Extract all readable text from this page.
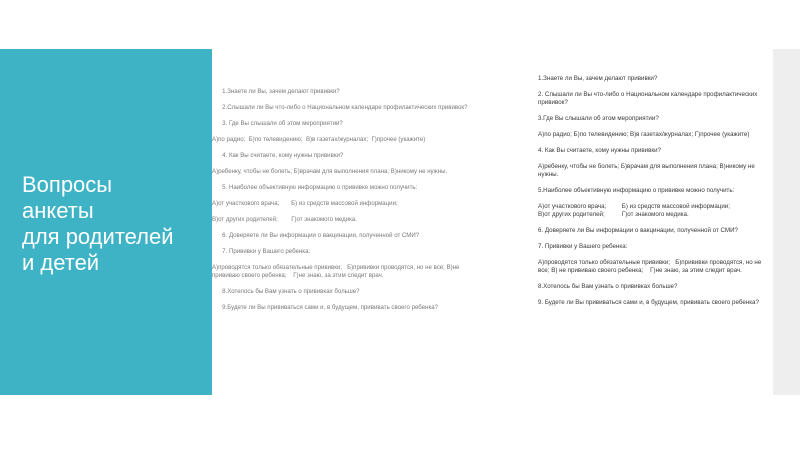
Вопросы
анкеты
для родителей
и детей

1.Знаете ли Вы, зачем делают прививки?

2.Слышали ли Вы что-либо о Национальном календаре профилактических прививок?

3. Где Вы слышали об этом мероприятии?

А)по радио;  Б)по телевидению;  В)в газетах/журналах;  Г)прочее (укажите)

4. Как Вы считаете, кому нужны прививки?

А)ребенку, чтобы не болеть; Б)врачам для выполнения плана; В)никому не нужны.

5. Наиболее объективную информацию о прививке можно получить:

А)от участкового врача;       Б) из средств массовой информации;

В)от других родителей;        Г)от знакомого медика.

6. Доверяете ли Вы информации о вакцинации, полученной от СМИ?

7. Прививки у Вашего ребенка:

А)проводятся только обязательные прививки;   Б)прививки проводятся, но не все; В)не

прививаю своего ребенка;    Г)не знаю, за этим следит врач.

8.Хотелось бы Вам узнать о прививках больше?

9.Будете ли Вы прививаться сами и, в будущем, прививать своего ребенка?

1.Знаете ли Вы, зачем делают прививки?

2. Слышали ли Вы что-либо о Национальном календаре профилактических

прививок?

3.Где Вы слышали об этом мероприятии?

А)по радио; Б)по телевидению; В)в газетах/журналах; Г)прочее (укажите)

4. Как Вы считаете, кому нужны прививки?

А)ребенку, чтобы не болеть; Б)врачам для выполнения плана; В)никому не

нужны.

5.Наиболее объективную информацию о прививке можно получить:

А)от участкового врача;         Б) из средств массовой информации;

В)от других родителей;          Г)от знакомого медика.

6. Доверяете ли Вы информации о вакцинации, полученной от СМИ?

7. Прививки у Вашего ребенка:

А)проводятся только обязательные прививки;   Б)прививки проводятся, но не

все; В) не прививаю своего ребенка;    Г)не знаю, за этим следит врач.

8.Хотелось бы Вам узнать о прививках больше?

9. Будете ли Вы прививаться сами и, в будущем, прививать своего ребенка?
